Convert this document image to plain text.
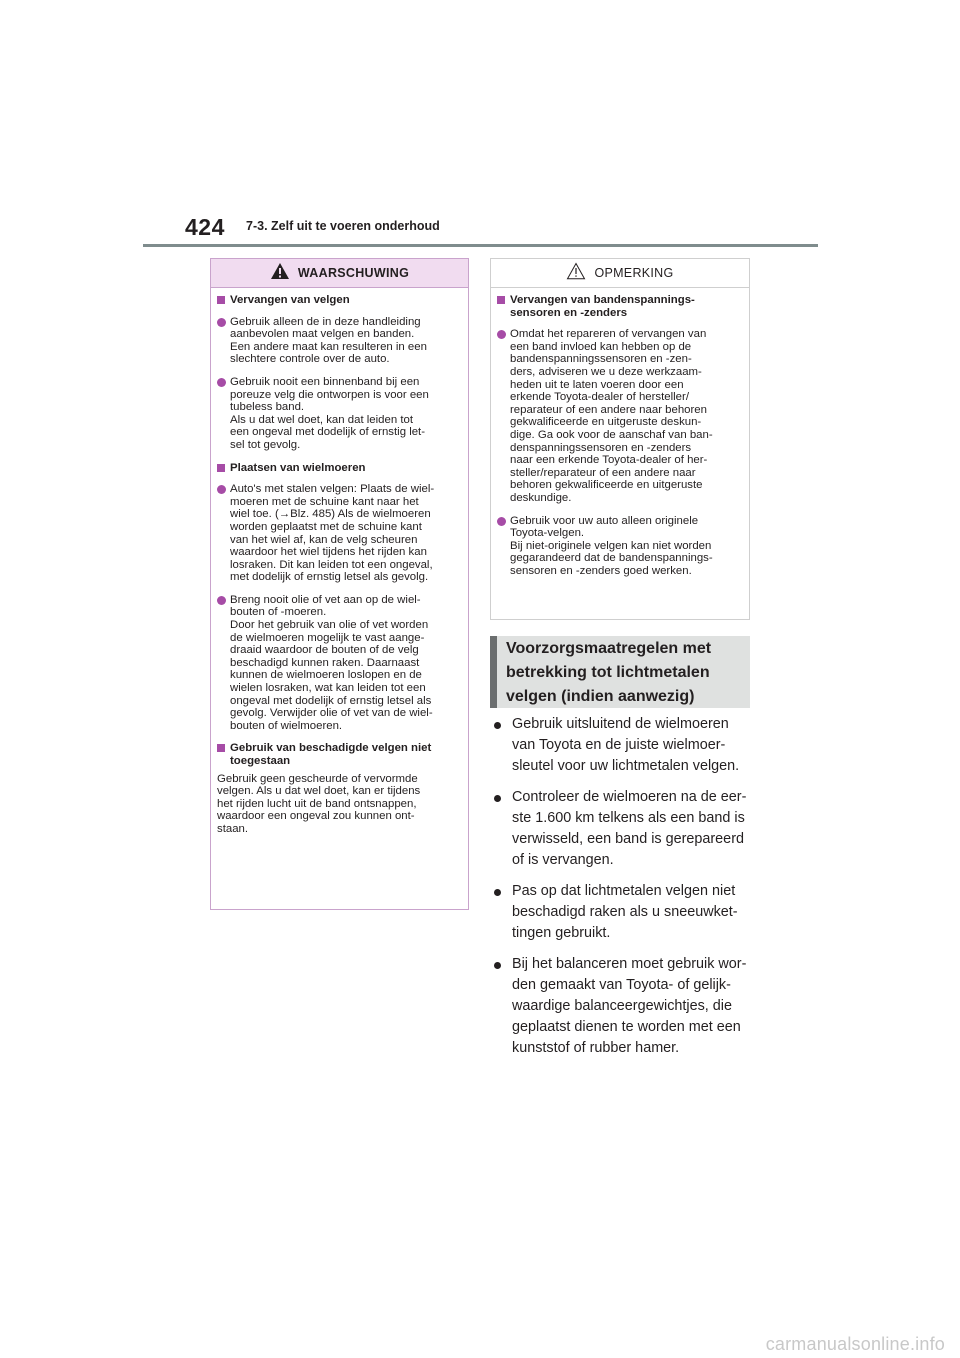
424 7-3. Zelf uit te voeren onderhoud
WAARSCHUWING
Vervangen van velgen
Gebruik alleen de in deze handleiding
aanbevolen maat velgen en banden.
Een andere maat kan resulteren in een
slechtere controle over de auto.
Gebruik nooit een binnenband bij een
poreuze velg die ontworpen is voor een
tubeless band.
Als u dat wel doet, kan dat leiden tot
een ongeval met dodelijk of ernstig let-
sel tot gevolg.
Plaatsen van wielmoeren
Auto's met stalen velgen: Plaats de wiel-
moeren met de schuine kant naar het
wiel toe. (→Blz. 485) Als de wielmoeren
worden geplaatst met de schuine kant
van het wiel af, kan de velg scheuren
waardoor het wiel tijdens het rijden kan
losraken. Dit kan leiden tot een ongeval,
met dodelijk of ernstig letsel als gevolg.
Breng nooit olie of vet aan op de wiel-
bouten of -moeren.
Door het gebruik van olie of vet worden
de wielmoeren mogelijk te vast aange-
draaid waardoor de bouten of de velg
beschadigd kunnen raken. Daarnaast
kunnen de wielmoeren loslopen en de
wielen losraken, wat kan leiden tot een
ongeval met dodelijk of ernstig letsel als
gevolg. Verwijder olie of vet van de wiel-
bouten of wielmoeren.
Gebruik van beschadigde velgen niet
toegestaan
Gebruik geen gescheurde of vervormde
velgen. Als u dat wel doet, kan er tijdens
het rijden lucht uit de band ontsnappen,
waardoor een ongeval zou kunnen ont-
staan.
OPMERKING
Vervangen van bandenspannings-
sensoren en -zenders
Omdat het repareren of vervangen van
een band invloed kan hebben op de
bandenspanningssensoren en -zen-
ders, adviseren we u deze werkzaam-
heden uit te laten voeren door een
erkende Toyota-dealer of hersteller/
reparateur of een andere naar behoren
gekwalificeerde en uitgeruste deskun-
dige. Ga ook voor de aanschaf van ban-
denspanningssensoren en -zenders
naar een erkende Toyota-dealer of her-
steller/reparateur of een andere naar
behoren gekwalificeerde en uitgeruste
deskundige.
Gebruik voor uw auto alleen originele
Toyota-velgen.
Bij niet-originele velgen kan niet worden
gegarandeerd dat de bandenspannings-
sensoren en -zenders goed werken.
Voorzorgsmaatregelen met
betrekking tot lichtmetalen
velgen (indien aanwezig)
Gebruik uitsluitend de wielmoeren
van Toyota en de juiste wielmoer-
sleutel voor uw lichtmetalen velgen.
Controleer de wielmoeren na de eer-
ste 1.600 km telkens als een band is
verwisseld, een band is gerepareerd
of is vervangen.
Pas op dat lichtmetalen velgen niet
beschadigd raken als u sneeuwket-
tingen gebruikt.
Bij het balanceren moet gebruik wor-
den gemaakt van Toyota- of gelijk-
waardige balanceergewichtjes, die
geplaatst dienen te worden met een
kunststof of rubber hamer.
carmanualsonline.info
